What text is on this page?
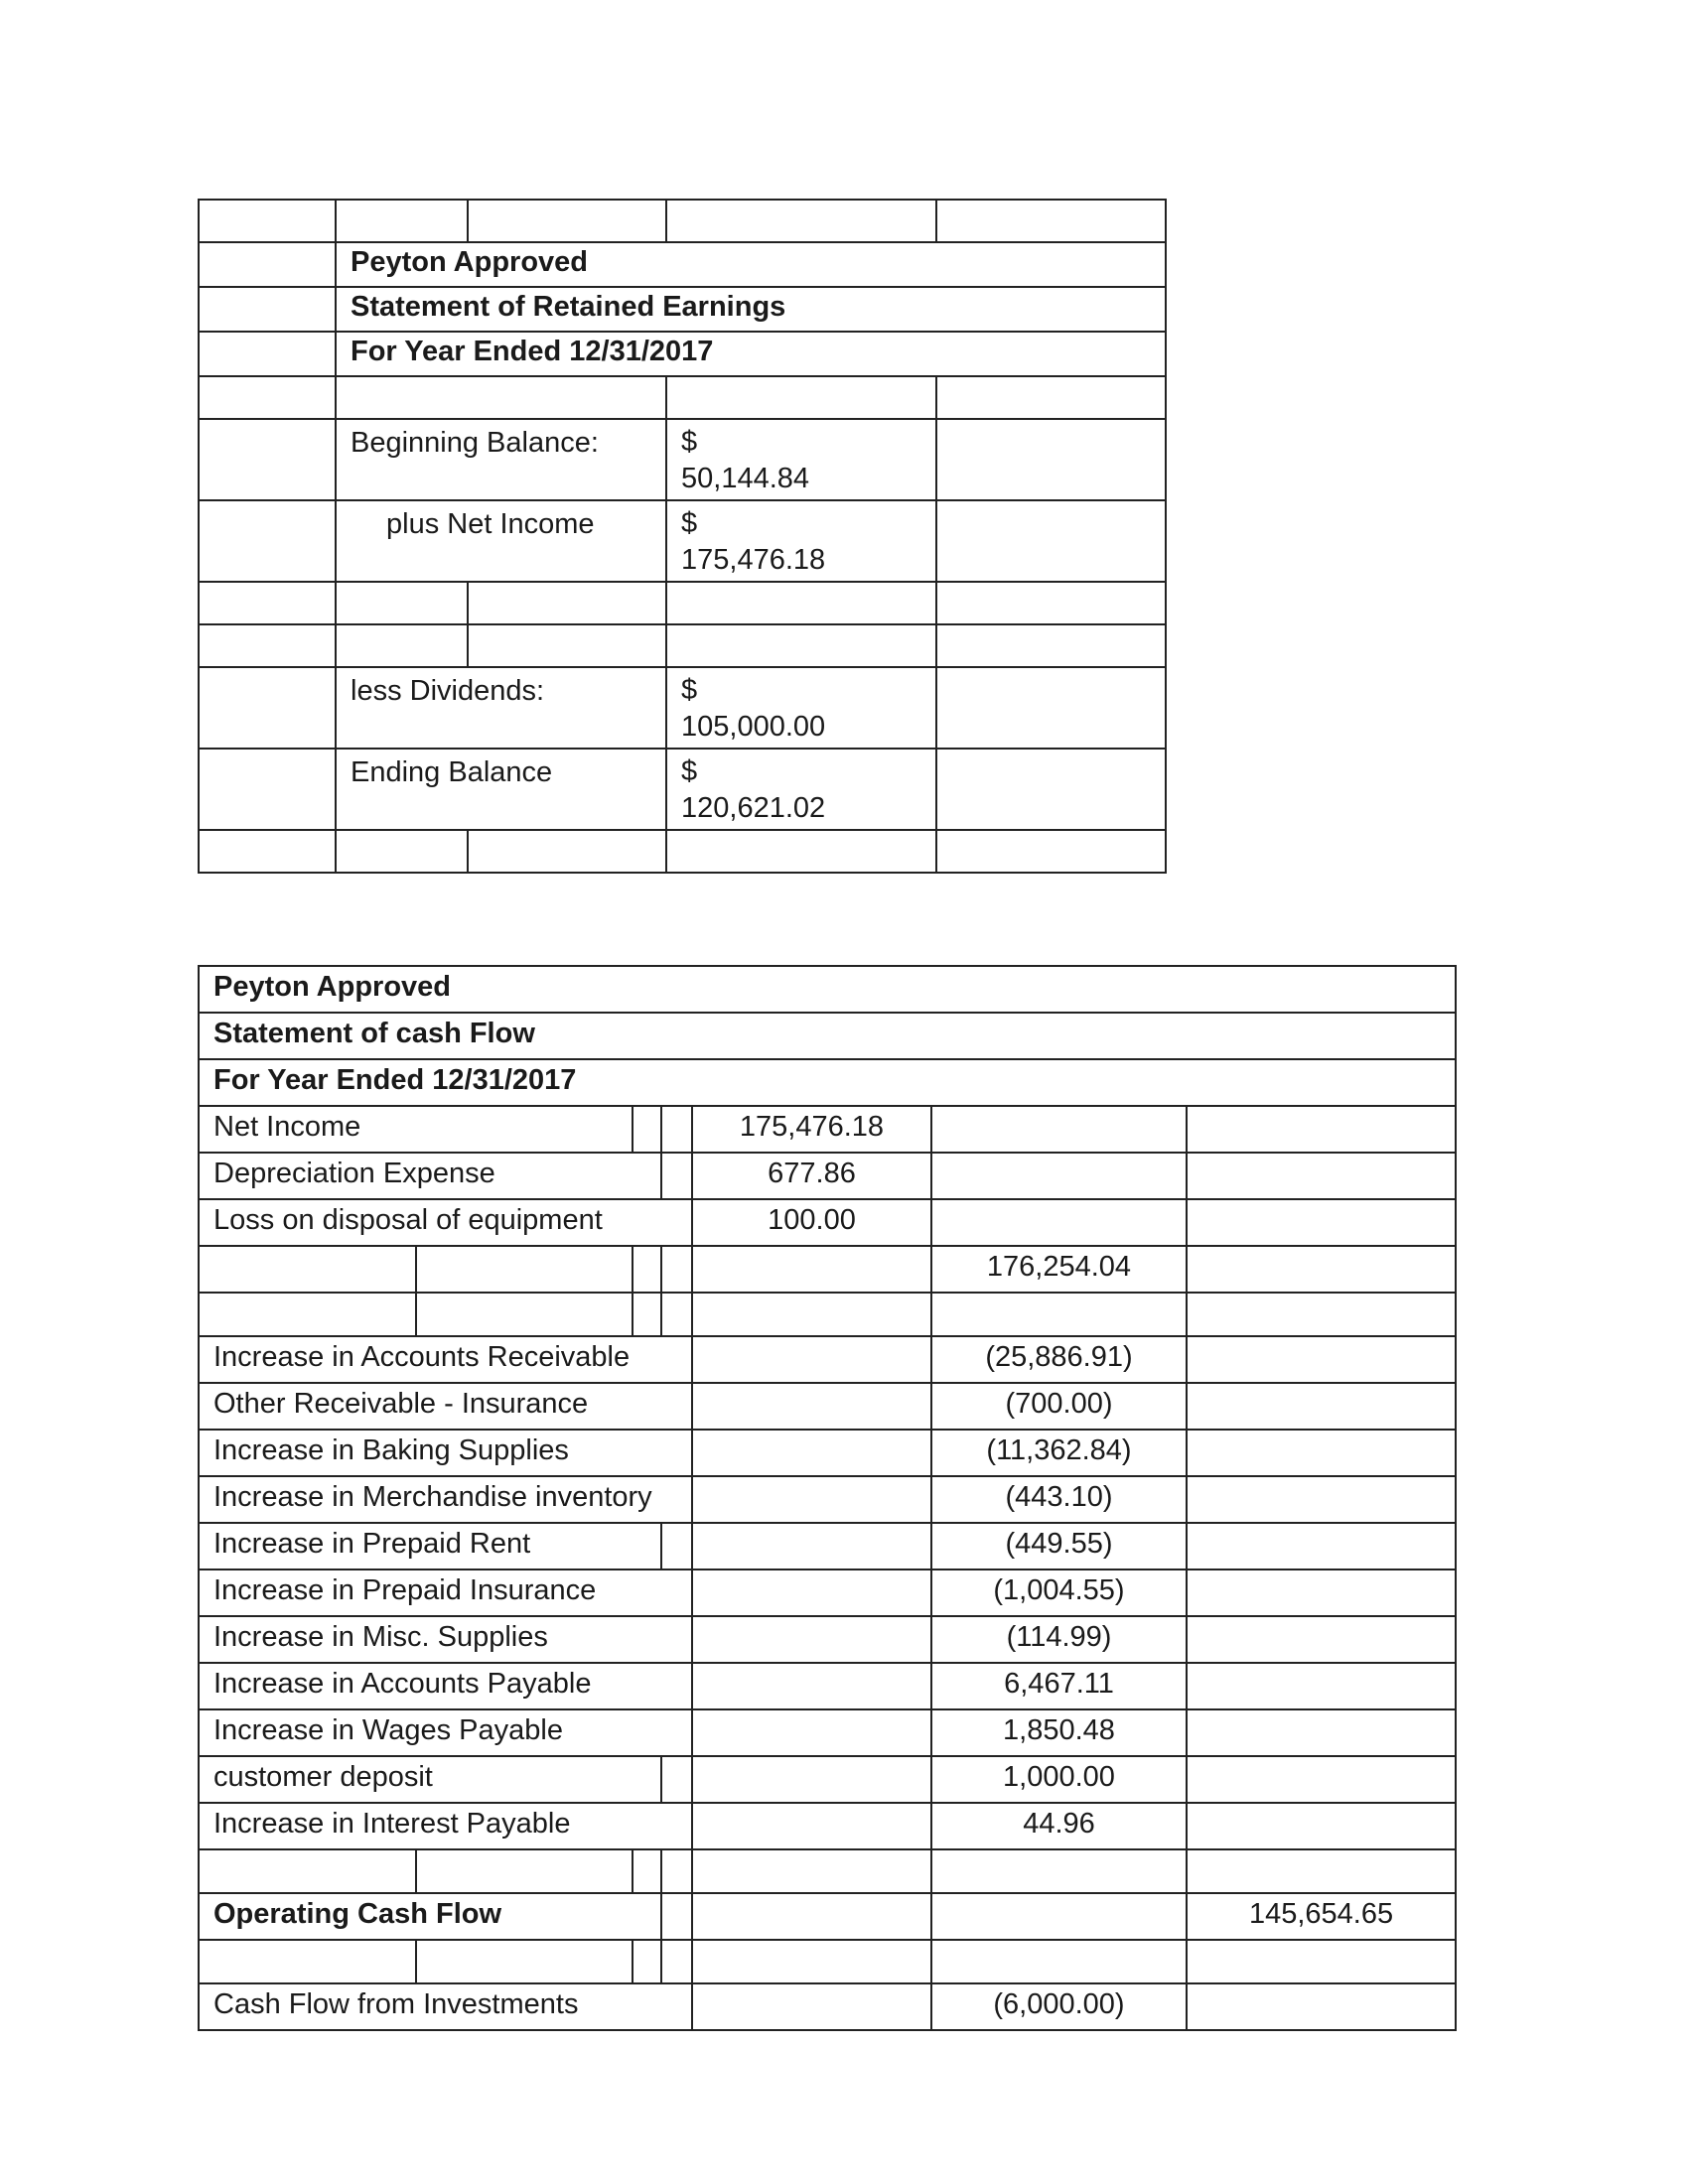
	Peyton Approved			
	Statement of Retained Earnings			
	For Year Ended 12/31/2017			

	Beginning Balance:		$
50,144.84	

	plus Net Income		$
175,476.18	

	less Dividends:		$
105,000.00	

	Ending Balance		$
120,621.02	

Peyton Approved						
Statement of cash Flow						
For Year Ended 12/31/2017						
Net Income				175,476.18		
Depreciation Expense				677.86		
Loss on disposal of equipment				100.00		
					176,254.04	

Increase in Accounts Receivable					(25,886.91)	
Other Receivable - Insurance					(700.00)	
Increase in Baking Supplies					(11,362.84)	
Increase in Merchandise inventory					(443.10)	
Increase in Prepaid Rent					(449.55)	
Increase in Prepaid Insurance					(1,004.55)	
Increase in Misc. Supplies					(114.99)	
Increase in Accounts Payable					6,467.11	
Increase in Wages Payable					1,850.48	
customer deposit					1,000.00	
Increase in Interest Payable					44.96	

Operating Cash Flow						145,654.65

Cash Flow from Investments					(6,000.00)	
